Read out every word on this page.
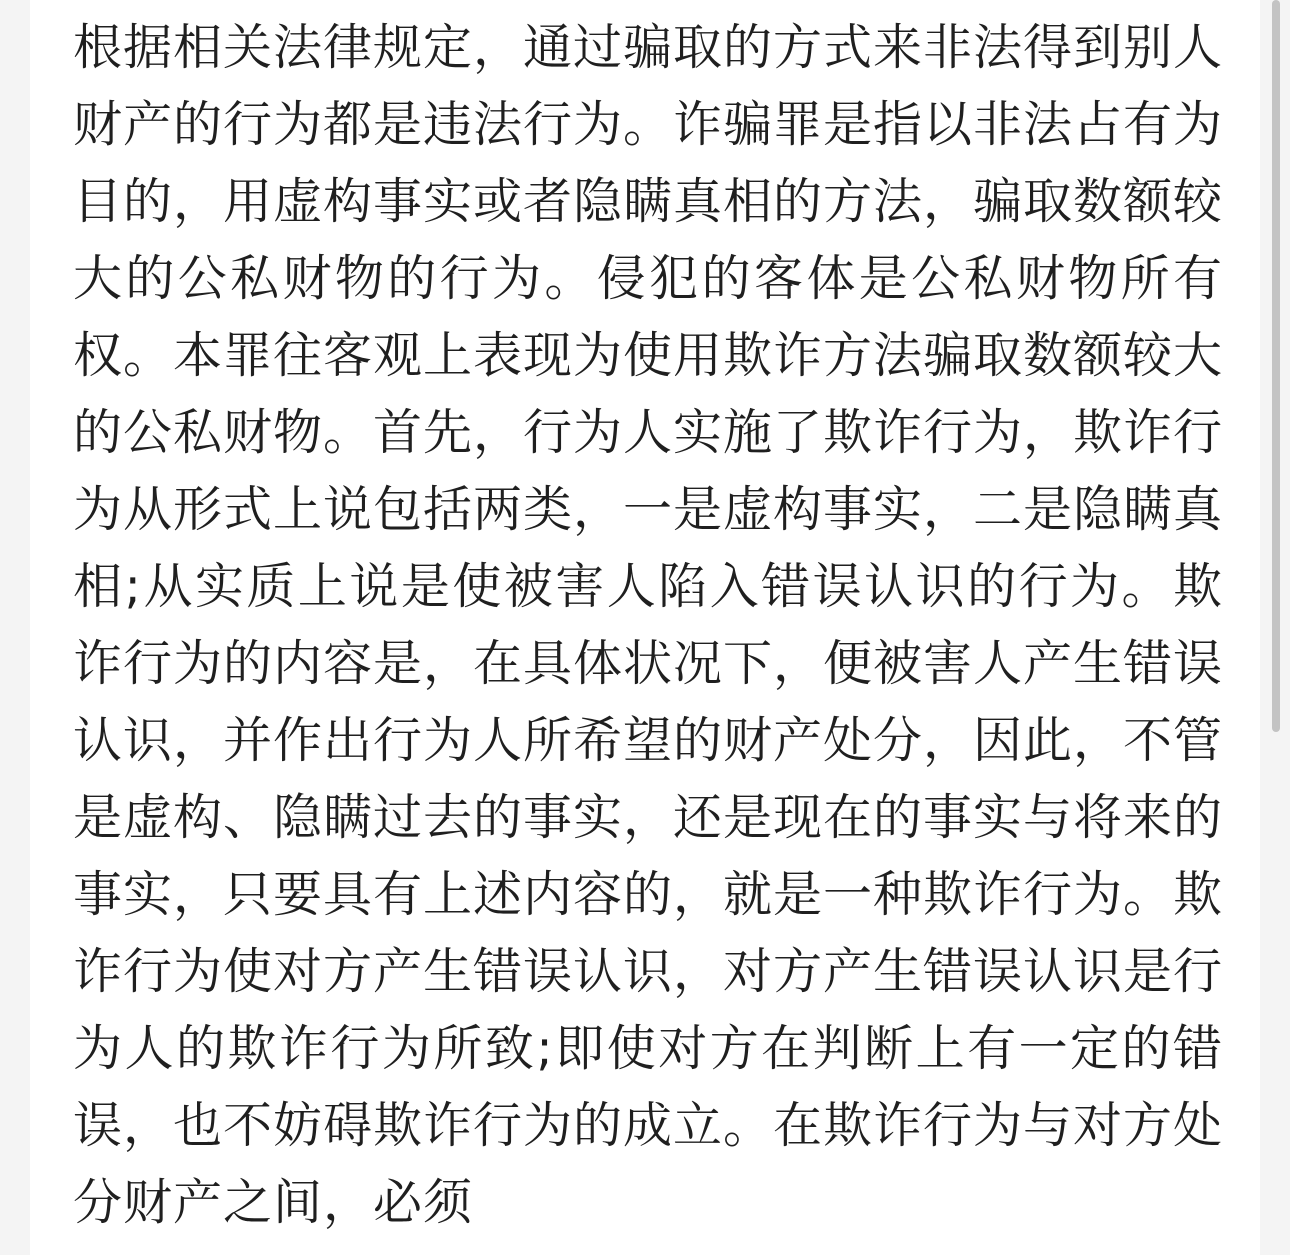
根据相关法律规定，通过骗取的方式来非法得到别人财产的行为都是违法行为。诈骗罪是指以非法占有为目的，用虚构事实或者隐瞒真相的方法，骗取数额较大的公私财物的行为。侵犯的客体是公私财物所有权。本罪往客观上表现为使用欺诈方法骗取数额较大的公私财物。首先，行为人实施了欺诈行为，欺诈行为从形式上说包括两类，一是虚构事实，二是隐瞒真相;从实质上说是使被害人陷入错误认识的行为。欺诈行为的内容是，在具体状况下，便被害人产生错误认识，并作出行为人所希望的财产处分，因此，不管是虚构、隐瞒过去的事实，还是现在的事实与将来的事实，只要具有上述内容的，就是一种欺诈行为。欺诈行为使对方产生错误认识，对方产生错误认识是行为人的欺诈行为所致;即使对方在判断上有一定的错误，也不妨碍欺诈行为的成立。在欺诈行为与对方处分财产之间，必须
